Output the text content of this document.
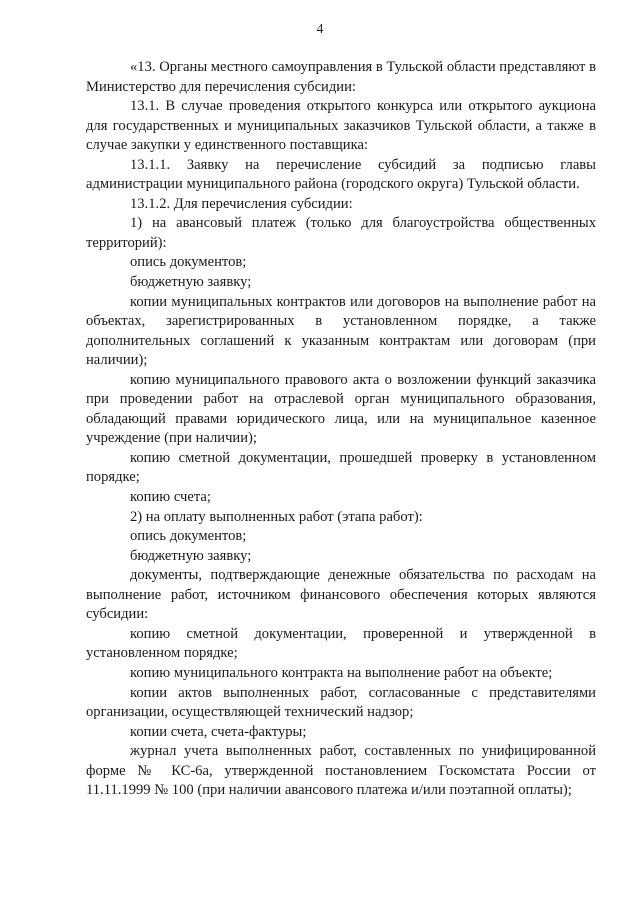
4

«13. Органы местного самоуправления в Тульской области представляют в Министерство для перечисления субсидии:

13.1. В случае проведения открытого конкурса или открытого аукциона для государственных и муниципальных заказчиков Тульской области, а также в случае закупки у единственного поставщика:

13.1.1. Заявку на перечисление субсидий за подписью главы администрации муниципального района (городского округа) Тульской области.

13.1.2. Для перечисления субсидии:

1) на авансовый платеж (только для благоустройства общественных территорий):

опись документов;

бюджетную заявку;

копии муниципальных контрактов или договоров на выполнение работ на объектах, зарегистрированных в установленном порядке, а также дополнительных соглашений к указанным контрактам или договорам (при наличии);

копию муниципального правового акта о возложении функций заказчика при проведении работ на отраслевой орган муниципального образования, обладающий правами юридического лица, или на муниципальное казенное учреждение (при наличии);

копию сметной документации, прошедшей проверку в установленном порядке;

копию счета;

2) на оплату выполненных работ (этапа работ):

опись документов;

бюджетную заявку;

документы, подтверждающие денежные обязательства по расходам на выполнение работ, источником финансового обеспечения которых являются субсидии:

копию сметной документации, проверенной и утвержденной в установленном порядке;

копию муниципального контракта на выполнение работ на объекте;

копии актов выполненных работ, согласованные с представителями организации, осуществляющей технический надзор;

копии счета, счета-фактуры;

журнал учета выполненных работ, составленных по унифицированной форме № КС-6а, утвержденной постановлением Госкомстата России от 11.11.1999 № 100 (при наличии авансового платежа и/или поэтапной оплаты);
